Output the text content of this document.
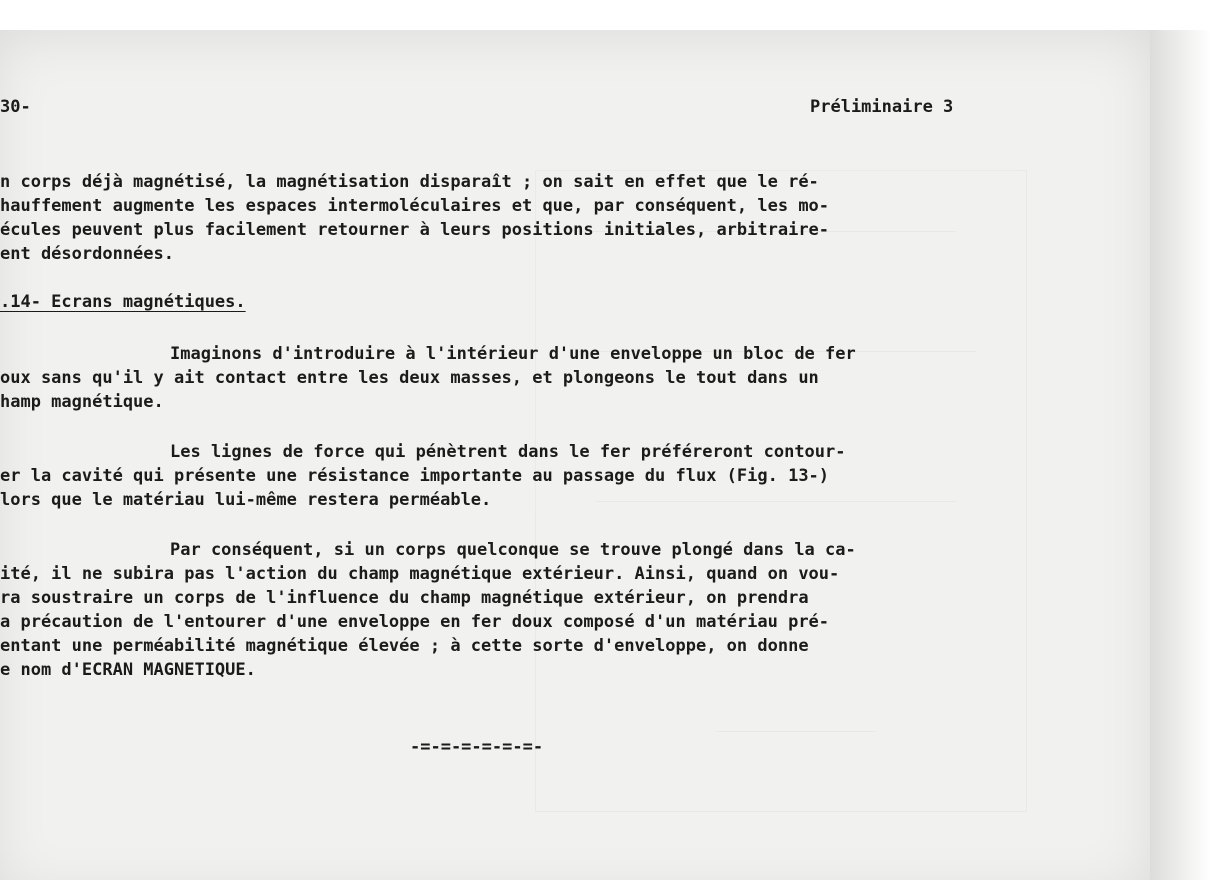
30-	Préliminaire 3
n corps déjà magnétisé, la magnétisation disparaît ; on sait en effet que le ré-
hauffement augmente les espaces intermoléculaires et que, par conséquent, les mo-
écules peuvent plus facilement retourner à leurs positions initiales, arbitraire-
ent désordonnées.
.14- Ecrans magnétiques.
Imaginons d'introduire à l'intérieur d'une enveloppe un bloc de fer
oux sans qu'il y ait contact entre les deux masses, et plongeons le tout dans un
hamp magnétique.
Les lignes de force qui pénètrent dans le fer préféreront contour-
er la cavité qui présente une résistance importante au passage du flux (Fig. 13-)
lors que le matériau lui-même restera perméable.
Par conséquent, si un corps quelconque se trouve plongé dans la ca-
ité, il ne subira pas l'action du champ magnétique extérieur. Ainsi, quand on vou-
ra soustraire un corps de l'influence du champ magnétique extérieur, on prendra
a précaution de l'entourer d'une enveloppe en fer doux composé d'un matériau pré-
entant une perméabilité magnétique élevée ; à cette sorte d'enveloppe, on donne
e nom d'ECRAN MAGNETIQUE.
-=-=-=-=-=-=-
